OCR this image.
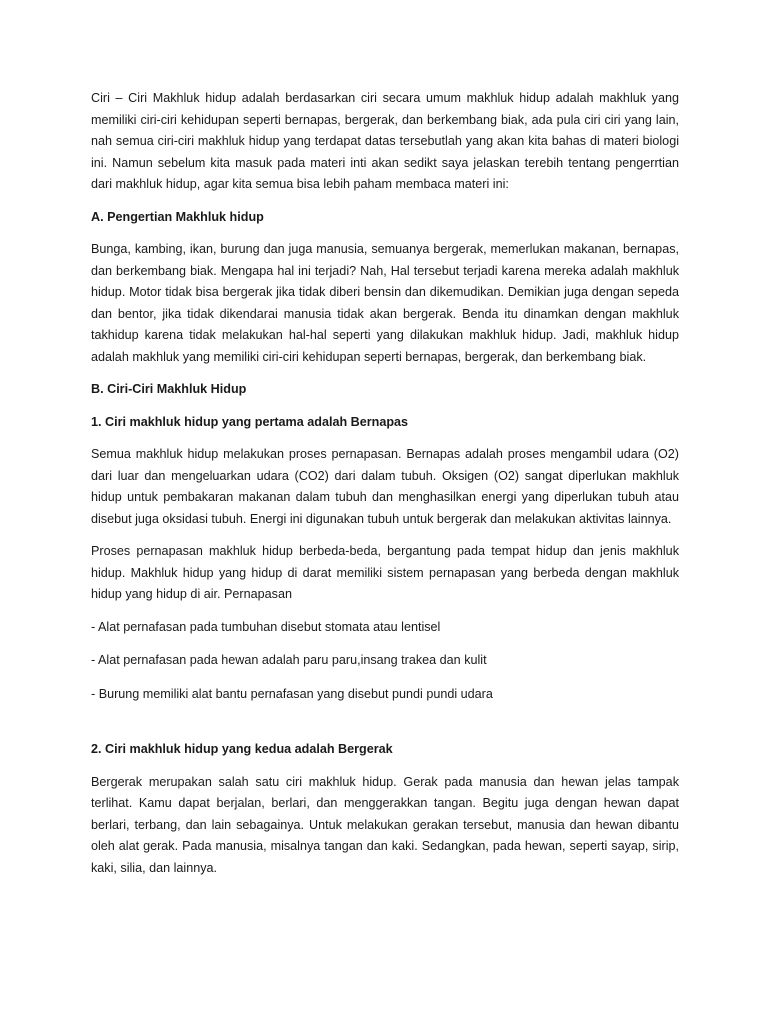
Ciri – Ciri Makhluk hidup adalah berdasarkan ciri secara umum makhluk hidup adalah makhluk yang memiliki ciri-ciri kehidupan seperti bernapas, bergerak, dan berkembang biak, ada pula ciri ciri yang lain, nah semua ciri-ciri makhluk hidup yang terdapat datas tersebutlah yang akan kita bahas di materi biologi ini. Namun sebelum kita masuk pada materi inti akan sedikt saya jelaskan terebih tentang pengerrtian dari makhluk hidup, agar kita semua bisa lebih paham membaca materi ini:

A. Pengertian Makhluk hidup

Bunga, kambing, ikan, burung dan juga manusia, semuanya bergerak, memerlukan makanan, bernapas, dan berkembang biak. Mengapa hal ini terjadi? Nah, Hal tersebut terjadi karena mereka adalah makhluk hidup. Motor tidak bisa bergerak jika tidak diberi bensin dan dikemudikan. Demikian juga dengan sepeda dan bentor, jika tidak dikendarai manusia tidak akan bergerak. Benda itu dinamkan dengan makhluk takhidup karena tidak melakukan hal-hal seperti yang dilakukan makhluk hidup. Jadi, makhluk hidup adalah makhluk yang memiliki ciri-ciri kehidupan seperti bernapas, bergerak, dan berkembang biak.

B. Ciri-Ciri Makhluk Hidup

1. Ciri makhluk hidup yang pertama adalah Bernapas

Semua makhluk hidup melakukan proses pernapasan. Bernapas adalah proses mengambil udara (O2) dari luar dan mengeluarkan udara (CO2) dari dalam tubuh. Oksigen (O2) sangat diperlukan makhluk hidup untuk pembakaran makanan dalam tubuh dan menghasilkan energi yang diperlukan tubuh atau disebut juga oksidasi tubuh. Energi ini digunakan tubuh untuk bergerak dan melakukan aktivitas lainnya.

Proses pernapasan makhluk hidup berbeda-beda, bergantung pada tempat hidup dan jenis makhluk hidup. Makhluk hidup yang hidup di darat memiliki sistem pernapasan yang berbeda dengan makhluk hidup yang hidup di air. Pernapasan

- Alat pernafasan pada tumbuhan disebut stomata atau lentisel

- Alat pernafasan pada hewan adalah paru paru,insang trakea dan kulit

- Burung memiliki alat bantu pernafasan yang disebut pundi pundi udara

2. Ciri makhluk hidup yang kedua adalah Bergerak

Bergerak merupakan salah satu ciri makhluk hidup. Gerak pada manusia dan hewan jelas tampak terlihat. Kamu dapat berjalan, berlari, dan menggerakkan tangan. Begitu juga dengan hewan dapat berlari, terbang, dan lain sebagainya. Untuk melakukan gerakan tersebut, manusia dan hewan dibantu oleh alat gerak. Pada manusia, misalnya tangan dan kaki. Sedangkan, pada hewan, seperti sayap, sirip, kaki, silia, dan lainnya.
